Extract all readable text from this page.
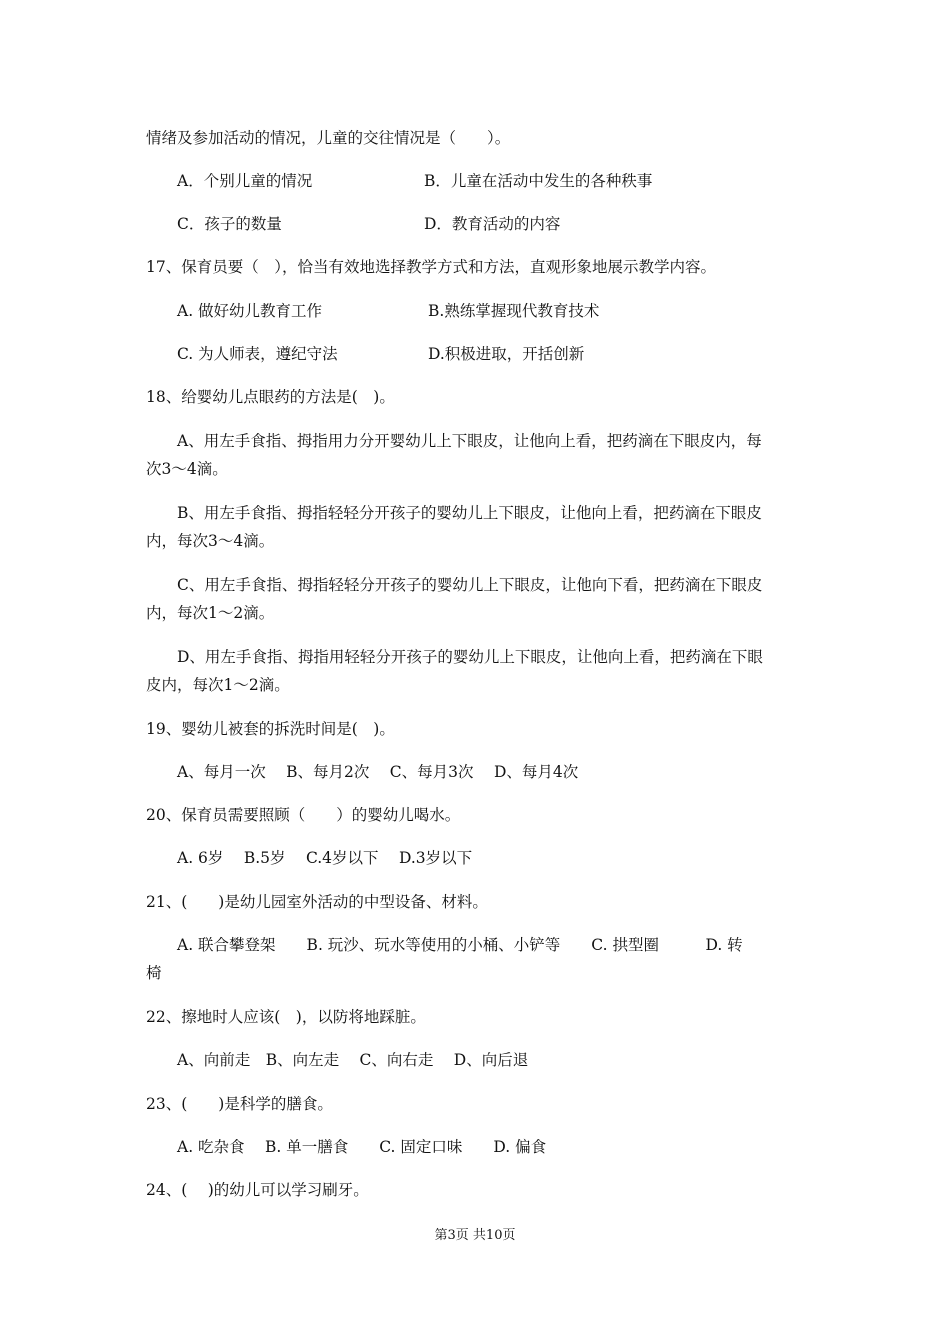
情绪及参加活动的情况，儿童的交往情况是（　　）。
A．个别儿童的情况	B．儿童在活动中发生的各种秩事
C．孩子的数量	D．教育活动的内容
17、保育员要（　），恰当有效地选择教学方式和方法，直观形象地展示教学内容。
A. 做好幼儿教育工作	B.熟练掌握现代教育技术
C. 为人师表，遵纪守法	D.积极进取，开括创新
18、给婴幼儿点眼药的方法是(　)。
A、用左手食指、拇指用力分开婴幼儿上下眼皮，让他向上看，把药滴在下眼皮内，每
次3～4滴。
B、用左手食指、拇指轻轻分开孩子的婴幼儿上下眼皮，让他向上看，把药滴在下眼皮
内，每次3～4滴。
C、用左手食指、拇指轻轻分开孩子的婴幼儿上下眼皮，让他向下看，把药滴在下眼皮
内，每次1～2滴。
D、用左手食指、拇指用轻轻分开孩子的婴幼儿上下眼皮，让他向上看，把药滴在下眼
皮内，每次1～2滴。
19、婴幼儿被套的拆洗时间是(　)。
A、每月一次　 B、每月2次　 C、每月3次　 D、每月4次
20、保育员需要照顾（　　）的婴幼儿喝水。
A. 6岁　 B.5岁　 C.4岁以下　 D.3岁以下
21、(　　)是幼儿园室外活动的中型设备、材料。
A. 联合攀登架　　B. 玩沙、玩水等使用的小桶、小铲等　　C. 拱型圈　　　D. 转
椅
22、擦地时人应该(　)，以防将地踩脏。
A、向前走　B、向左走　 C、向右走　 D、向后退
23、(　　)是科学的膳食。
A. 吃杂食　 B. 单一膳食　　C. 固定口味　　D. 偏食
24、(　 )的幼儿可以学习刷牙。
第3页 共10页
